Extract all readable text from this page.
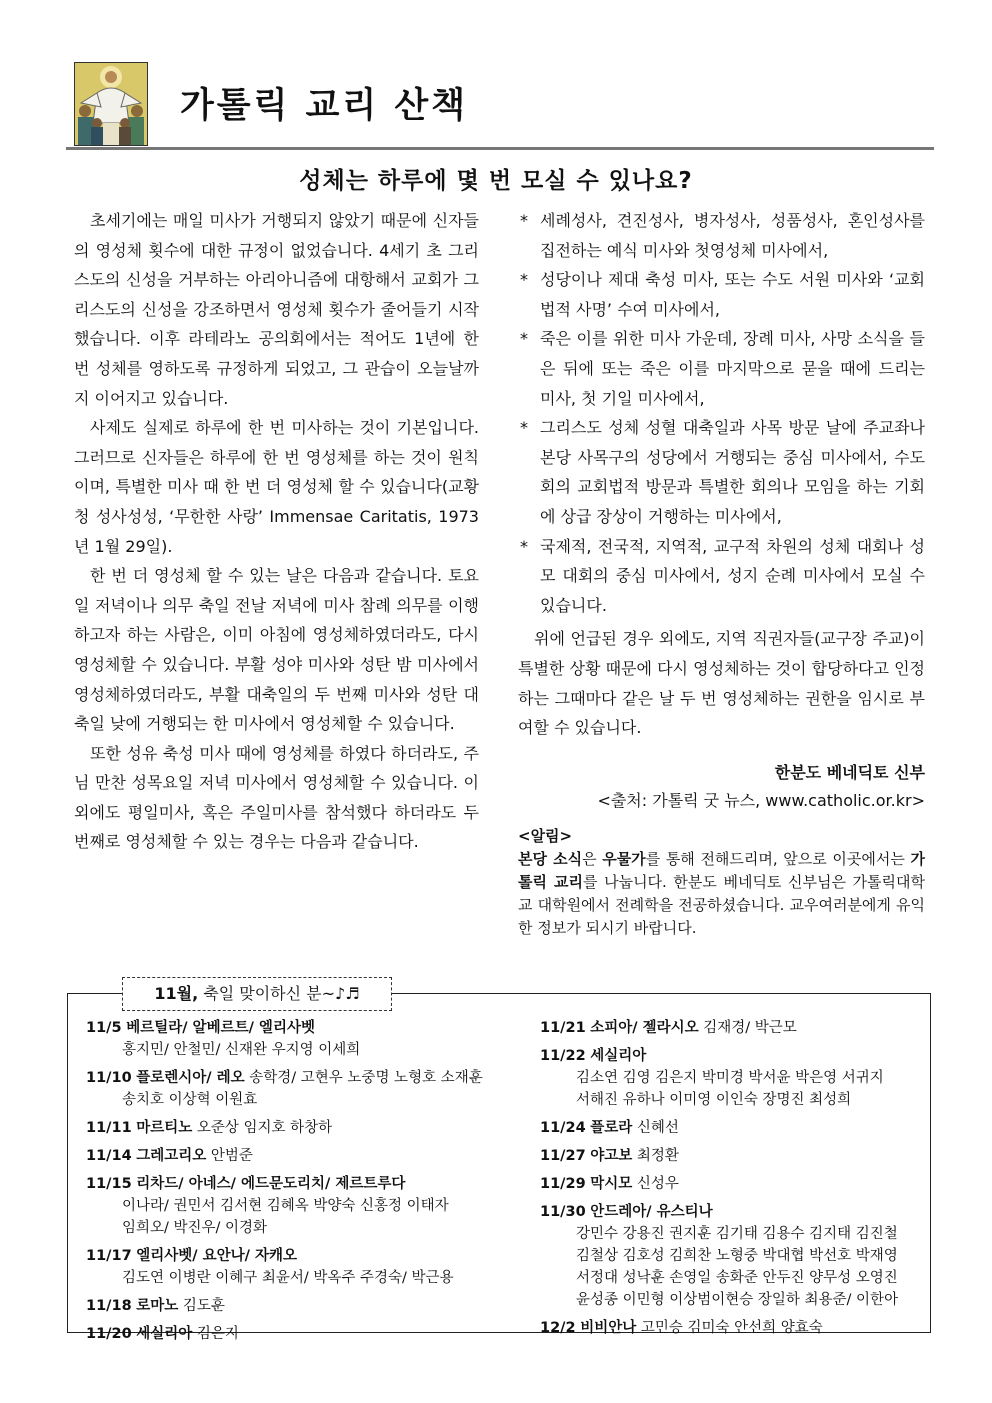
가톨릭 교리 산책
성체는 하루에 몇 번 모실 수 있나요?

초세기에는 매일 미사가 거행되지 않았기 때문에 신자들의 영성체 횟수에 대한 규정이 없었습니다. 4세기 초 그리스도의 신성을 거부하는 아리아니즘에 대항해서 교회가 그리스도의 신성을 강조하면서 영성체 횟수가 줄어들기 시작했습니다. 이후 라테라노 공의회에서는 적어도 1년에 한 번 성체를 영하도록 규정하게 되었고, 그 관습이 오늘날까지 이어지고 있습니다.

사제도 실제로 하루에 한 번 미사하는 것이 기본입니다. 그러므로 신자들은 하루에 한 번 영성체를 하는 것이 원칙이며, 특별한 미사 때 한 번 더 영성체 할 수 있습니다(교황청 성사성성, ‘무한한 사랑’ Immensae Caritatis, 1973년 1월 29일).

한 번 더 영성체 할 수 있는 날은 다음과 같습니다. 토요일 저녁이나 의무 축일 전날 저녁에 미사 참례 의무를 이행하고자 하는 사람은, 이미 아침에 영성체하였더라도, 다시 영성체할 수 있습니다. 부활 성야 미사와 성탄 밤 미사에서 영성체하였더라도, 부활 대축일의 두 번째 미사와 성탄 대축일 낮에 거행되는 한 미사에서 영성체할 수 있습니다.

또한 성유 축성 미사 때에 영성체를 하였다 하더라도, 주님 만찬 성목요일 저녁 미사에서 영성체할 수 있습니다. 이외에도 평일미사, 혹은 주일미사를 참석했다 하더라도 두 번째로 영성체할 수 있는 경우는 다음과 같습니다.

* 세례성사, 견진성사, 병자성사, 성품성사, 혼인성사를 집전하는 예식 미사와 첫영성체 미사에서,
* 성당이나 제대 축성 미사, 또는 수도 서원 미사와 ‘교회법적 사명’ 수여 미사에서,
* 죽은 이를 위한 미사 가운데, 장례 미사, 사망 소식을 들은 뒤에 또는 죽은 이를 마지막으로 묻을 때에 드리는 미사, 첫 기일 미사에서,
* 그리스도 성체 성혈 대축일과 사목 방문 날에 주교좌나 본당 사목구의 성당에서 거행되는 중심 미사에서, 수도회의 교회법적 방문과 특별한 회의나 모임을 하는 기회에 상급 장상이 거행하는 미사에서,
* 국제적, 전국적, 지역적, 교구적 차원의 성체 대회나 성모 대회의 중심 미사에서, 성지 순례 미사에서 모실 수 있습니다.

위에 언급된 경우 외에도, 지역 직권자들(교구장 주교)이 특별한 상황 때문에 다시 영성체하는 것이 합당하다고 인정하는 그때마다 같은 날 두 번 영성체하는 권한을 임시로 부여할 수 있습니다.

한분도 베네딕토 신부
<출처: 가톨릭 굿 뉴스, www.catholic.or.kr>
<알림>

본당 소식은 우물가를 통해 전해드리며, 앞으로 이곳에서는 가톨릭 교리를 나눕니다. 한분도 베네딕토 신부님은 가톨릭대학교 대학원에서 전례학을 전공하셨습니다. 교우여러분에게 유익한 정보가 되시기 바랍니다.

11월, 축일 맞이하신 분~♪♬
11/5 베르틸라/ 알베르트/ 엘리사벳
홍지민/ 안철민/ 신재완 우지영 이세희
11/10 플로렌시아/ 레오 송학경/ 고현우 노중명 노형호 소재훈
송치호 이상혁 이원효
11/11 마르티노 오준상 임지호 하창하
11/14 그레고리오 안범준
11/15 리차드/ 아네스/ 에드문도리치/ 제르트루다
이나라/ 권민서 김서현 김혜옥 박양숙 신홍정 이태자
임희오/ 박진우/ 이경화
11/17 엘리사벳/ 요안나/ 자캐오
김도연 이병란 이혜구 최윤서/ 박옥주 주경숙/ 박근용
11/18 로마노 김도훈
11/20 세실리아 김은지
11/21 소피아/ 젤라시오 김재경/ 박근모
11/22 세실리아
김소연 김영 김은지 박미경 박서윤 박은영 서귀지
서해진 유하나 이미영 이인숙 장명진 최성희
11/24 플로라 신혜선
11/27 야고보 최정환
11/29 막시모 신성우
11/30 안드레아/ 유스티나
강민수 강용진 권지훈 김기태 김용수 김지태 김진철
김철상 김호성 김희찬 노형중 박대협 박선호 박재영
서정대 성낙훈 손영일 송화준 안두진 양무성 오영진
윤성종 이민형 이상범이현승 장일하 최용준/ 이한아
12/2 비비안나 고민승 김미숙 안선희 양효숙
